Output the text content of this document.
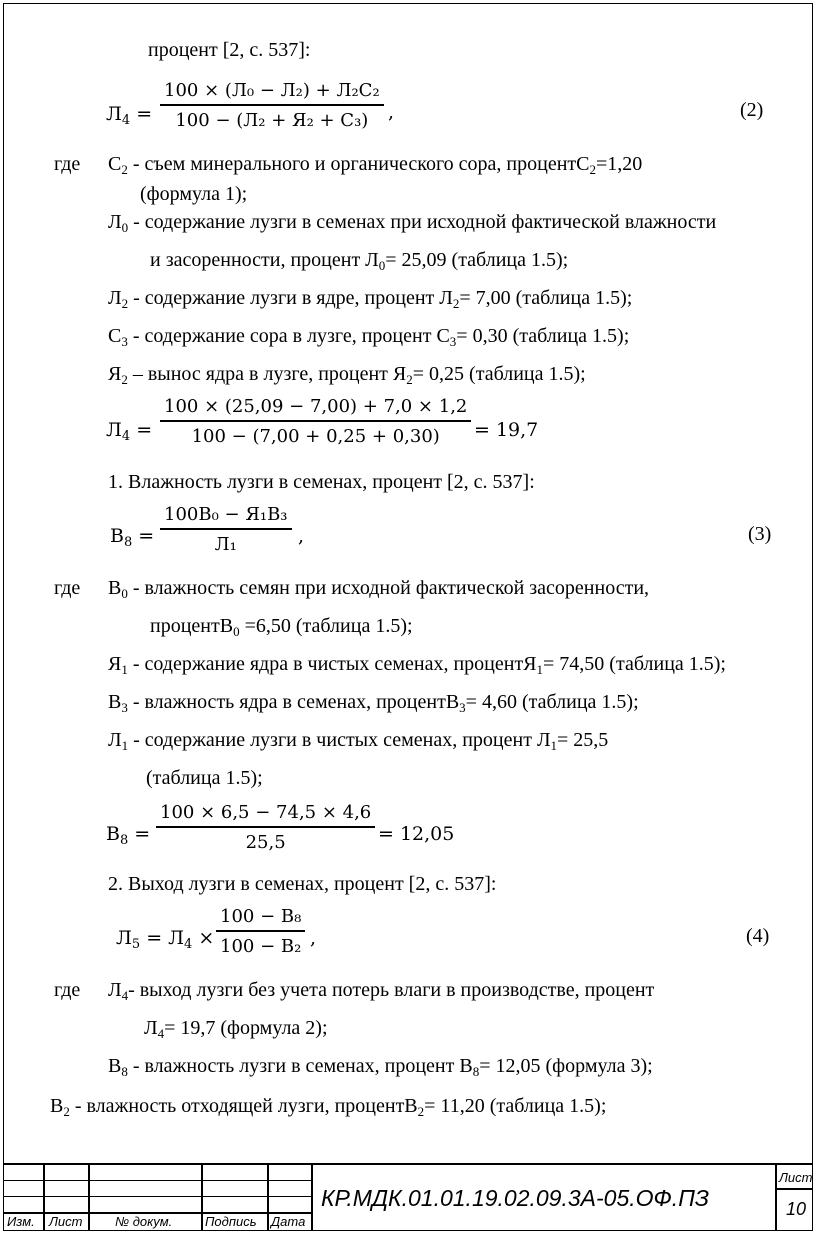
процент [2, с. 537]:
$Л_4$ =
100 × (Л₀ − Л₂) + Л₂С₂
100 − (Л₂ + Я₂ + С₃) ,	(2)
где $С_2$ - съем минерального и органического сора, процентС$_2$=1,20
(формула 1);
$Л_0$ - содержание лузги в семенах при исходной фактической влажности
и засоренности, процент $Л_0= 25,09$ (таблица 1.5);
$Л_2$ - содержание лузги в ядре, процент $Л_2= 7,00$ (таблица 1.5);
$С_3$ - содержание сора в лузге, процент $С_3= 0,30$ (таблица 1.5);
$Я_2$ – вынос ядра в лузге, процент $Я_2= 0,25$ (таблица 1.5);
$Л_4$ =
100 × (25,09 − 7,00) + 7,0 × 1,2
100 − (7,00 + 0,25 + 0,30) = 19,7
1. Влажность лузги в семенах, процент [2, с. 537]:
$В_8$ =
100В₀ − Я₁В₃
Л₁	,	(3)
где $В_0$ - влажность семян при исходной фактической засоренности,
процентВ$_0$ =6,50 (таблица 1.5);
$Я_1$ - содержание ядра в чистых семенах, процентЯ$_1$= 74,50 (таблица 1.5);
$В_3$ - влажность ядра в семенах, процентВ$_3$= 4,60 (таблица 1.5);
$Л_1$ - содержание лузги в чистых семенах, процент $Л_1= 25,5$
(таблица 1.5);
$В_8$ =
100 × 6,5 − 74,5 × 4,6
25,5	= 12,05
2. Выход лузги в семенах, процент [2, с. 537]:
$Л_5 = Л_4$ ×
100 − В₈
100 − В₂ ,	(4)
где $Л_4-$ выход лузги без учета потерь влаги в производстве, процент
$Л_4= 19,7$ (формула 2);
$В_8$ - влажность лузги в семенах, процент $В_8= 12,05$ (формула 3);
$В_2$ - влажность отходящей лузги, процентВ$_2$= 11,20 (таблица 1.5);
Изм. Лист	№ докум.	Подпись Дата
КР.МДК.01.01.19.02.09.3А-05.ОФ.ПЗ
Лист
10
